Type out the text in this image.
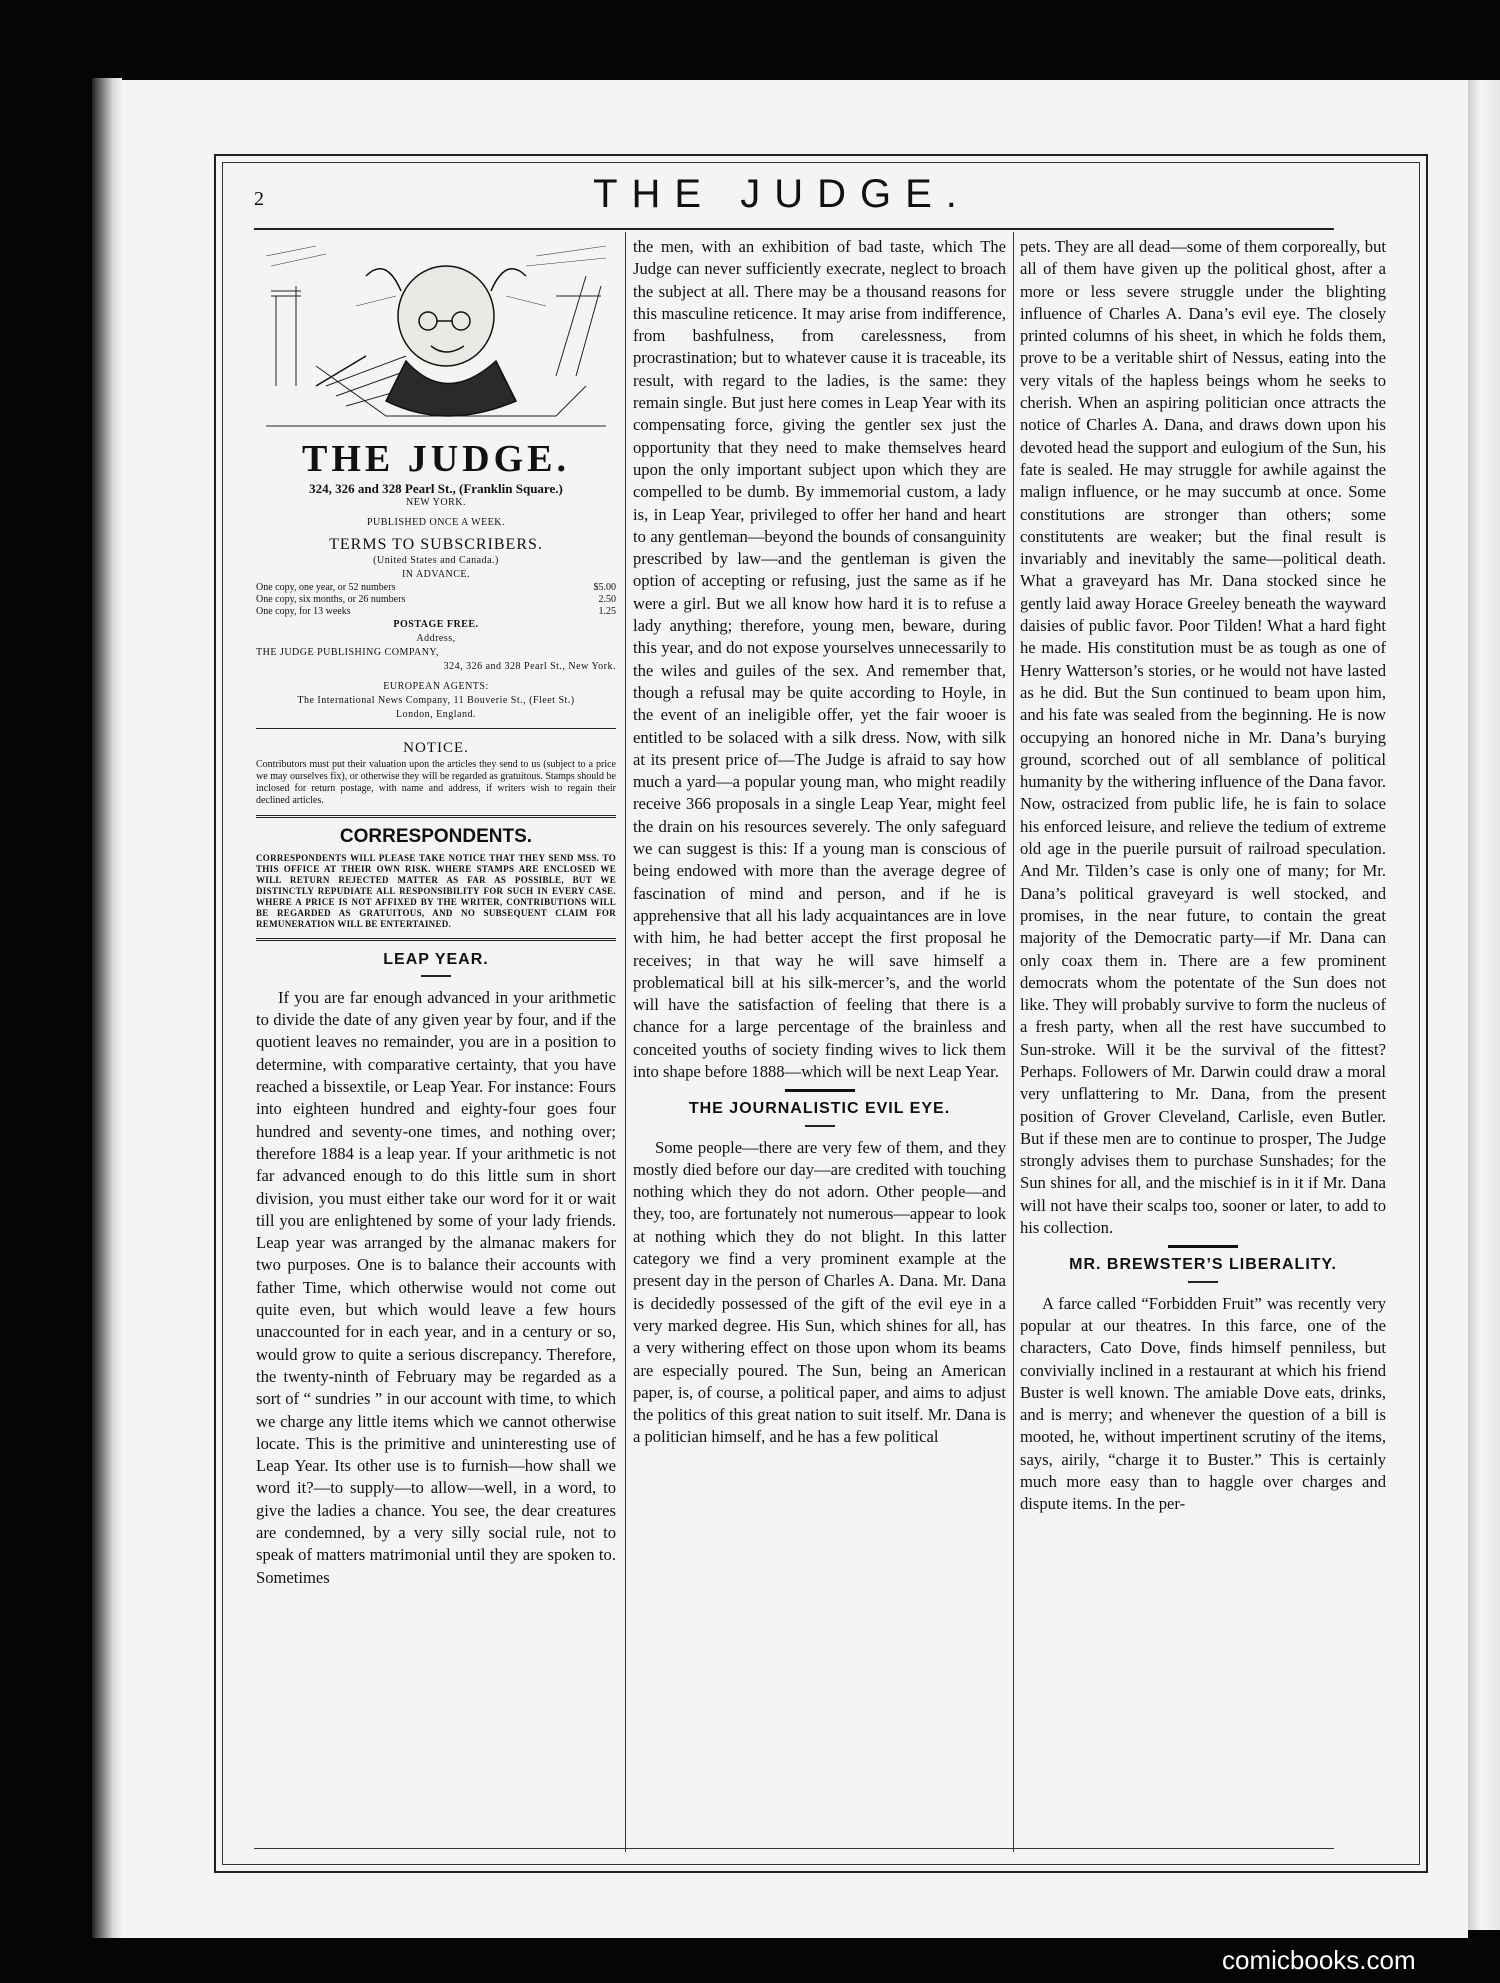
2	THE JUDGE.
THE JUDGE.
324, 326 and 328 Pearl St., (Franklin Square.)
NEW YORK.
PUBLISHED ONCE A WEEK.
TERMS TO SUBSCRIBERS.
(United States and Canada.)
IN ADVANCE.
One copy, one year, or 52 numbers	$5.00
One copy, six months, or 26 numbers	2.50
One copy, for 13 weeks	1.25
POSTAGE FREE.
Address,
THE JUDGE PUBLISHING COMPANY,
324, 326 and 328 Pearl St., New York.
EUROPEAN AGENTS:
The International News Company, 11 Bouverie St., (Fleet St.)
London, England.
NOTICE.
Contributors must put their valuation upon the articles they send to us (subject to a price we may ourselves fix), or otherwise they will be regarded as gratuitous. Stamps should be inclosed for return postage, with name and address, if writers wish to regain their declined articles.
CORRESPONDENTS.
CORRESPONDENTS WILL PLEASE TAKE NOTICE THAT THEY SEND MSS. TO THIS OFFICE AT THEIR OWN RISK. WHERE STAMPS ARE ENCLOSED WE WILL RETURN REJECTED MATTER AS FAR AS POSSIBLE, BUT WE DISTINCTLY REPUDIATE ALL RESPONSIBILITY FOR SUCH IN EVERY CASE. WHERE A PRICE IS NOT AFFIXED BY THE WRITER, CONTRIBUTIONS WILL BE REGARDED AS GRATUITOUS, AND NO SUBSEQUENT CLAIM FOR REMUNERATION WILL BE ENTERTAINED.
LEAP YEAR.

If you are far enough advanced in your arithmetic to divide the date of any given year by four, and if the quotient leaves no remainder, you are in a position to determine, with comparative certainty, that you have reached a bissextile, or Leap Year. For instance: Fours into eighteen hundred and eighty-four goes four hundred and seventy-one times, and nothing over; therefore 1884 is a leap year. If your arithmetic is not far advanced enough to do this little sum in short division, you must either take our word for it or wait till you are enlightened by some of your lady friends. Leap year was arranged by the almanac makers for two purposes. One is to balance their accounts with father Time, which otherwise would not come out quite even, but which would leave a few hours unaccounted for in each year, and in a century or so, would grow to quite a serious discrepancy. Therefore, the twenty-ninth of February may be regarded as a sort of “ sundries ” in our account with time, to which we charge any little items which we cannot otherwise locate. This is the primitive and uninteresting use of Leap Year. Its other use is to furnish—how shall we word it?—to supply—to allow—well, in a word, to give the ladies a chance. You see, the dear creatures are condemned, by a very silly social rule, not to speak of matters matrimonial until they are spoken to. Sometimes

the men, with an exhibition of bad taste, which The Judge can never sufficiently execrate, neglect to broach the subject at all. There may be a thousand reasons for this masculine reticence. It may arise from indifference, from bashfulness, from carelessness, from procrastination; but to whatever cause it is traceable, its result, with regard to the ladies, is the same: they remain single. But just here comes in Leap Year with its compensating force, giving the gentler sex just the opportunity that they need to make themselves heard upon the only important subject upon which they are compelled to be dumb. By immemorial custom, a lady is, in Leap Year, privileged to offer her hand and heart to any gentleman—beyond the bounds of consanguinity prescribed by law—and the gentleman is given the option of accepting or refusing, just the same as if he were a girl. But we all know how hard it is to refuse a lady anything; therefore, young men, beware, during this year, and do not expose yourselves unnecessarily to the wiles and guiles of the sex. And remember that, though a refusal may be quite according to Hoyle, in the event of an ineligible offer, yet the fair wooer is entitled to be solaced with a silk dress. Now, with silk at its present price of—The Judge is afraid to say how much a yard—a popular young man, who might readily receive 366 proposals in a single Leap Year, might feel the drain on his resources severely. The only safeguard we can suggest is this: If a young man is conscious of being endowed with more than the average degree of fascination of mind and person, and if he is apprehensive that all his lady acquaintances are in love with him, he had better accept the first proposal he receives; in that way he will save himself a problematical bill at his silk-mercer’s, and the world will have the satisfaction of feeling that there is a chance for a large percentage of the brainless and conceited youths of society finding wives to lick them into shape before 1888—which will be next Leap Year.

THE JOURNALISTIC EVIL EYE.

Some people—there are very few of them, and they mostly died before our day—are credited with touching nothing which they do not adorn. Other people—and they, too, are fortunately not numerous—appear to look at nothing which they do not blight. In this latter category we find a very prominent example at the present day in the person of Charles A. Dana. Mr. Dana is decidedly possessed of the gift of the evil eye in a very marked degree. His Sun, which shines for all, has a very withering effect on those upon whom its beams are especially poured. The Sun, being an American paper, is, of course, a political paper, and aims to adjust the politics of this great nation to suit itself. Mr. Dana is a politician himself, and he has a few political

pets. They are all dead—some of them corporeally, but all of them have given up the political ghost, after a more or less severe struggle under the blighting influence of Charles A. Dana’s evil eye. The closely printed columns of his sheet, in which he folds them, prove to be a veritable shirt of Nessus, eating into the very vitals of the hapless beings whom he seeks to cherish. When an aspiring politician once attracts the notice of Charles A. Dana, and draws down upon his devoted head the support and eulogium of the Sun, his fate is sealed. He may struggle for awhile against the malign influence, or he may succumb at once. Some constitutions are stronger than others; some constitutents are weaker; but the final result is invariably and inevitably the same—political death. What a graveyard has Mr. Dana stocked since he gently laid away Horace Greeley beneath the wayward daisies of public favor. Poor Tilden! What a hard fight he made. His constitution must be as tough as one of Henry Watterson’s stories, or he would not have lasted as he did. But the Sun continued to beam upon him, and his fate was sealed from the beginning. He is now occupying an honored niche in Mr. Dana’s burying ground, scorched out of all semblance of political humanity by the withering influence of the Dana favor. Now, ostracized from public life, he is fain to solace his enforced leisure, and relieve the tedium of extreme old age in the puerile pursuit of railroad speculation. And Mr. Tilden’s case is only one of many; for Mr. Dana’s political graveyard is well stocked, and promises, in the near future, to contain the great majority of the Democratic party—if Mr. Dana can only coax them in. There are a few prominent democrats whom the potentate of the Sun does not like. They will probably survive to form the nucleus of a fresh party, when all the rest have succumbed to Sun-stroke. Will it be the survival of the fittest? Perhaps. Followers of Mr. Darwin could draw a moral very unflattering to Mr. Dana, from the present position of Grover Cleveland, Carlisle, even Butler. But if these men are to continue to prosper, The Judge strongly advises them to purchase Sunshades; for the Sun shines for all, and the mischief is in it if Mr. Dana will not have their scalps too, sooner or later, to add to his collection.

MR. BREWSTER’S LIBERALITY.

A farce called “Forbidden Fruit” was recently very popular at our theatres. In this farce, one of the characters, Cato Dove, finds himself penniless, but convivially inclined in a restaurant at which his friend Buster is well known. The amiable Dove eats, drinks, and is merry; and whenever the question of a bill is mooted, he, without impertinent scrutiny of the items, says, airily, “charge it to Buster.” This is certainly much more easy than to haggle over charges and dispute items. In the per-

comicbooks.com
